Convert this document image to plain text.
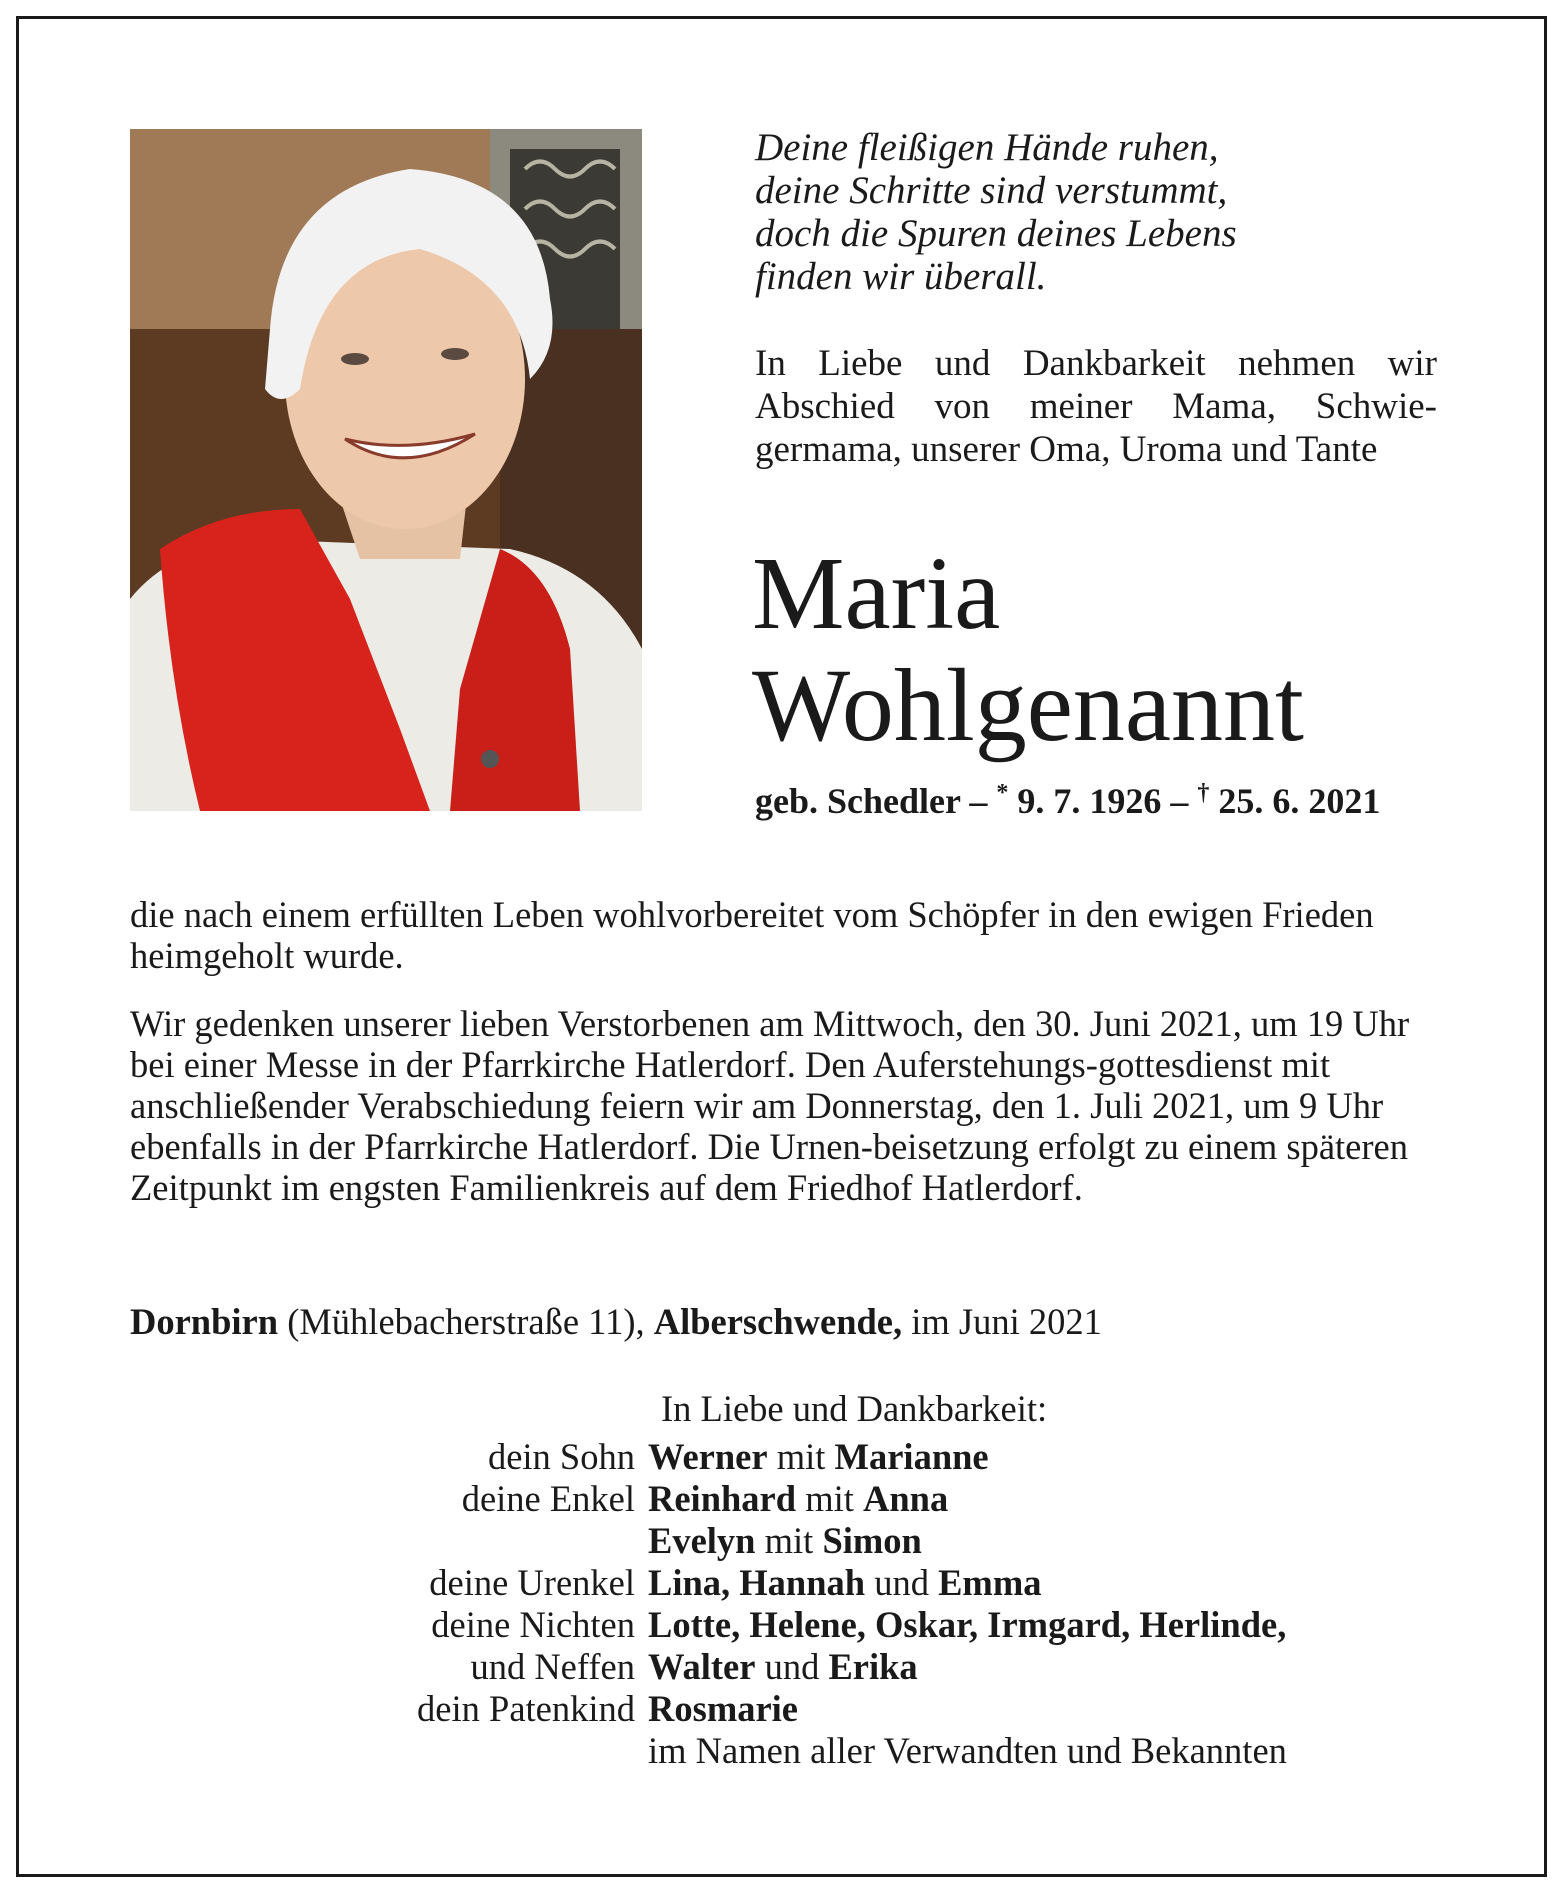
Deine fleißigen Hände ruhen,
deine Schritte sind verstummt,
doch die Spuren deines Lebens
finden wir überall.
In Liebe und Dankbarkeit nehmen wir Abschied von meiner Mama, Schwie-germama, unserer Oma, Uroma und Tante
Maria
Wohlgenannt
geb. Schedler – * 9. 7. 1926 – † 25. 6. 2021
die nach einem erfüllten Leben wohlvorbereitet vom Schöpfer in den ewigen Frieden heimgeholt wurde.
Wir gedenken unserer lieben Verstorbenen am Mittwoch, den 30. Juni 2021, um 19 Uhr bei einer Messe in der Pfarrkirche Hatlerdorf. Den Auferstehungs-gottesdienst mit anschließender Verabschiedung feiern wir am Donnerstag, den 1. Juli 2021, um 9 Uhr ebenfalls in der Pfarrkirche Hatlerdorf. Die Urnen-beisetzung erfolgt zu einem späteren Zeitpunkt im engsten Familienkreis auf dem Friedhof Hatlerdorf.
Dornbirn (Mühlebacherstraße 11), Alberschwende, im Juni 2021
In Liebe und Dankbarkeit:
dein Sohn Werner mit Marianne
deine Enkel Reinhard mit Anna
Evelyn mit Simon
deine Urenkel Lina, Hannah und Emma
deine Nichten Lotte, Helene, Oskar, Irmgard, Herlinde,
und Neffen Walter und Erika
dein Patenkind Rosmarie
im Namen aller Verwandten und Bekannten
